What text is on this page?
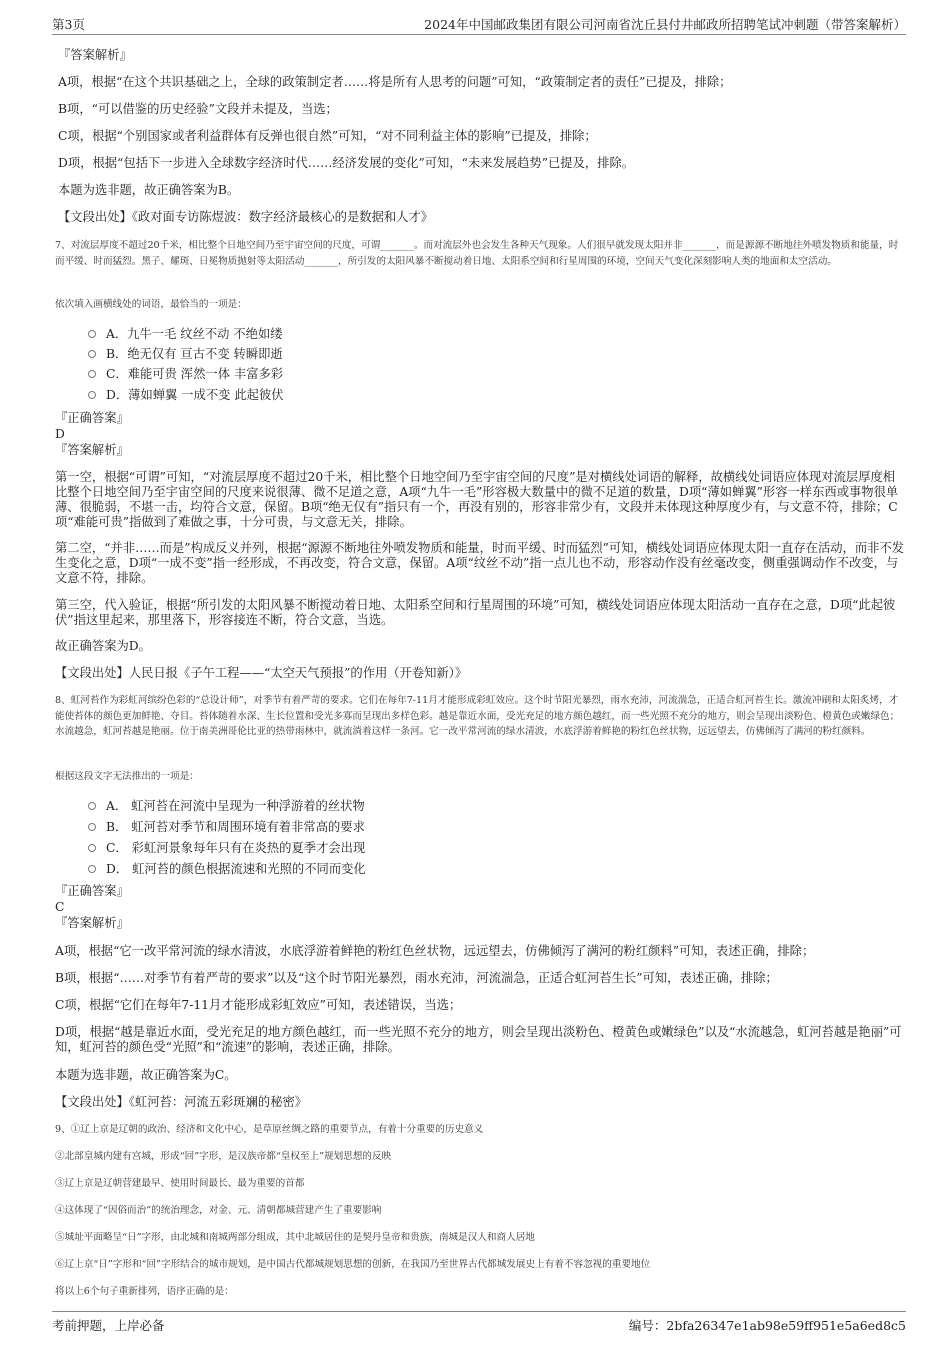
第3页	2024年中国邮政集团有限公司河南省沈丘县付井邮政所招聘笔试冲刺题（带答案解析）
『答案解析』
A项，根据“在这个共识基础之上，全球的政策制定者……将是所有人思考的问题”可知，“政策制定者的责任”已提及，排除；
B项，“可以借鉴的历史经验”文段并未提及，当选；
C项，根据“个别国家或者利益群体有反弹也很自然”可知，“对不同利益主体的影响”已提及，排除；
D项，根据“包括下一步进入全球数字经济时代……经济发展的变化”可知，“未来发展趋势”已提及，排除。
本题为选非题，故正确答案为B。
【文段出处】《政对面专访陈煜波：数字经济最核心的是数据和人才》
7、对流层厚度不超过20千米，相比整个日地空间乃至宇宙空间的尺度，可谓_______。而对流层外也会发生各种天气现象。人们很早就发现太阳并非_______，而是源源不断地往外喷发物质和能量，时而平缓、时而猛烈。黑子、耀斑、日冕物质抛射等太阳活动_______，所引发的太阳风暴不断搅动着日地、太阳系空间和行星周围的环境，空间天气变化深刻影响人类的地面和太空活动。
依次填入画横线处的词语，最恰当的一项是：
A．九牛一毛 纹丝不动 不绝如缕
B．绝无仅有 亘古不变 转瞬即逝
C．难能可贵 浑然一体 丰富多彩
D．薄如蝉翼 一成不变 此起彼伏
『正确答案』
D
『答案解析』
第一空，根据“可谓”可知，“对流层厚度不超过20千米，相比整个日地空间乃至宇宙空间的尺度”是对横线处词语的解释，故横线处词语应体现对流层厚度相比整个日地空间乃至宇宙空间的尺度来说很薄、微不足道之意，A项“九牛一毛”形容极大数量中的微不足道的数量，D项“薄如蝉翼”形容一样东西或事物很单薄、很脆弱，不堪一击，均符合文意，保留。B项“绝无仅有”指只有一个，再没有别的，形容非常少有，文段并未体现这种厚度少有，与文意不符，排除；C项“难能可贵”指做到了难做之事，十分可贵，与文意无关，排除。
第二空，“并非……而是”构成反义并列，根据“源源不断地往外喷发物质和能量，时而平缓、时而猛烈”可知，横线处词语应体现太阳一直存在活动，而非不发生变化之意，D项“一成不变”指一经形成，不再改变，符合文意，保留。A项“纹丝不动”指一点儿也不动，形容动作没有丝毫改变，侧重强调动作不改变，与文意不符，排除。
第三空，代入验证，根据“所引发的太阳风暴不断搅动着日地、太阳系空间和行星周围的环境”可知，横线处词语应体现太阳活动一直存在之意，D项“此起彼伏”指这里起来，那里落下，形容接连不断，符合文意，当选。
故正确答案为D。
【文段出处】人民日报《子午工程——“太空天气预报”的作用（开卷知新）》
8、虹河苔作为彩虹河缤纷色彩的“总设计师”，对季节有着严苛的要求。它们在每年7-11月才能形成彩虹效应。这个时节阳光暴烈，雨水充沛，河流湍急，正适合虹河苔生长。激流冲刷和太阳炙烤，才能使苔体的颜色更加鲜艳、夺目。苔体随着水深、生长位置和受光多寡而呈现出多样色彩。越是靠近水面，受光充足的地方颜色越红，而一些光照不充分的地方，则会呈现出淡粉色、橙黄色或嫩绿色；水流越急，虹河苔越是艳丽。位于南美洲哥伦比亚的热带雨林中，就流淌着这样一条河。它一改平常河流的绿水清波，水底浮游着鲜艳的粉红色丝状物，远远望去，仿佛倾泻了满河的粉红颜料。
根据这段文字无法推出的一项是：
A． 虹河苔在河流中呈现为一种浮游着的丝状物
B． 虹河苔对季节和周围环境有着非常高的要求
C． 彩虹河景象每年只有在炎热的夏季才会出现
D． 虹河苔的颜色根据流速和光照的不同而变化
『正确答案』
C
『答案解析』
A项，根据“它一改平常河流的绿水清波，水底浮游着鲜艳的粉红色丝状物，远远望去，仿佛倾泻了满河的粉红颜料”可知，表述正确，排除；
B项，根据“……对季节有着严苛的要求”以及“这个时节阳光暴烈，雨水充沛，河流湍急，正适合虹河苔生长”可知，表述正确，排除；
C项，根据“它们在每年7-11月才能形成彩虹效应”可知，表述错误，当选；
D项，根据“越是靠近水面，受光充足的地方颜色越红，而一些光照不充分的地方，则会呈现出淡粉色、橙黄色或嫩绿色”以及“水流越急，虹河苔越是艳丽”可知，虹河苔的颜色受“光照”和“流速”的影响，表述正确，排除。
本题为选非题，故正确答案为C。
【文段出处】《虹河苔：河流五彩斑斓的秘密》
9、①辽上京是辽朝的政治、经济和文化中心，是草原丝绸之路的重要节点，有着十分重要的历史意义
②北部皇城内建有宫城，形成“回”字形，是汉族帝都“皇权至上”规划思想的反映
③辽上京是辽朝营建最早、使用时间最长、最为重要的首都
④这体现了“因俗而治”的统治理念，对金、元、清朝都城营建产生了重要影响
⑤城址平面略呈“日”字形，由北城和南城两部分组成，其中北城居住的是契丹皇帝和贵族，南城是汉人和商人居地
⑥辽上京“日”字形和“回”字形结合的城市规划，是中国古代都城规划思想的创新，在我国乃至世界古代都城发展史上有着不容忽视的重要地位
将以上6个句子重新排列，语序正确的是：
考前押题，上岸必备	编号：2bfa26347e1ab98e59ff951e5a6ed8c5
